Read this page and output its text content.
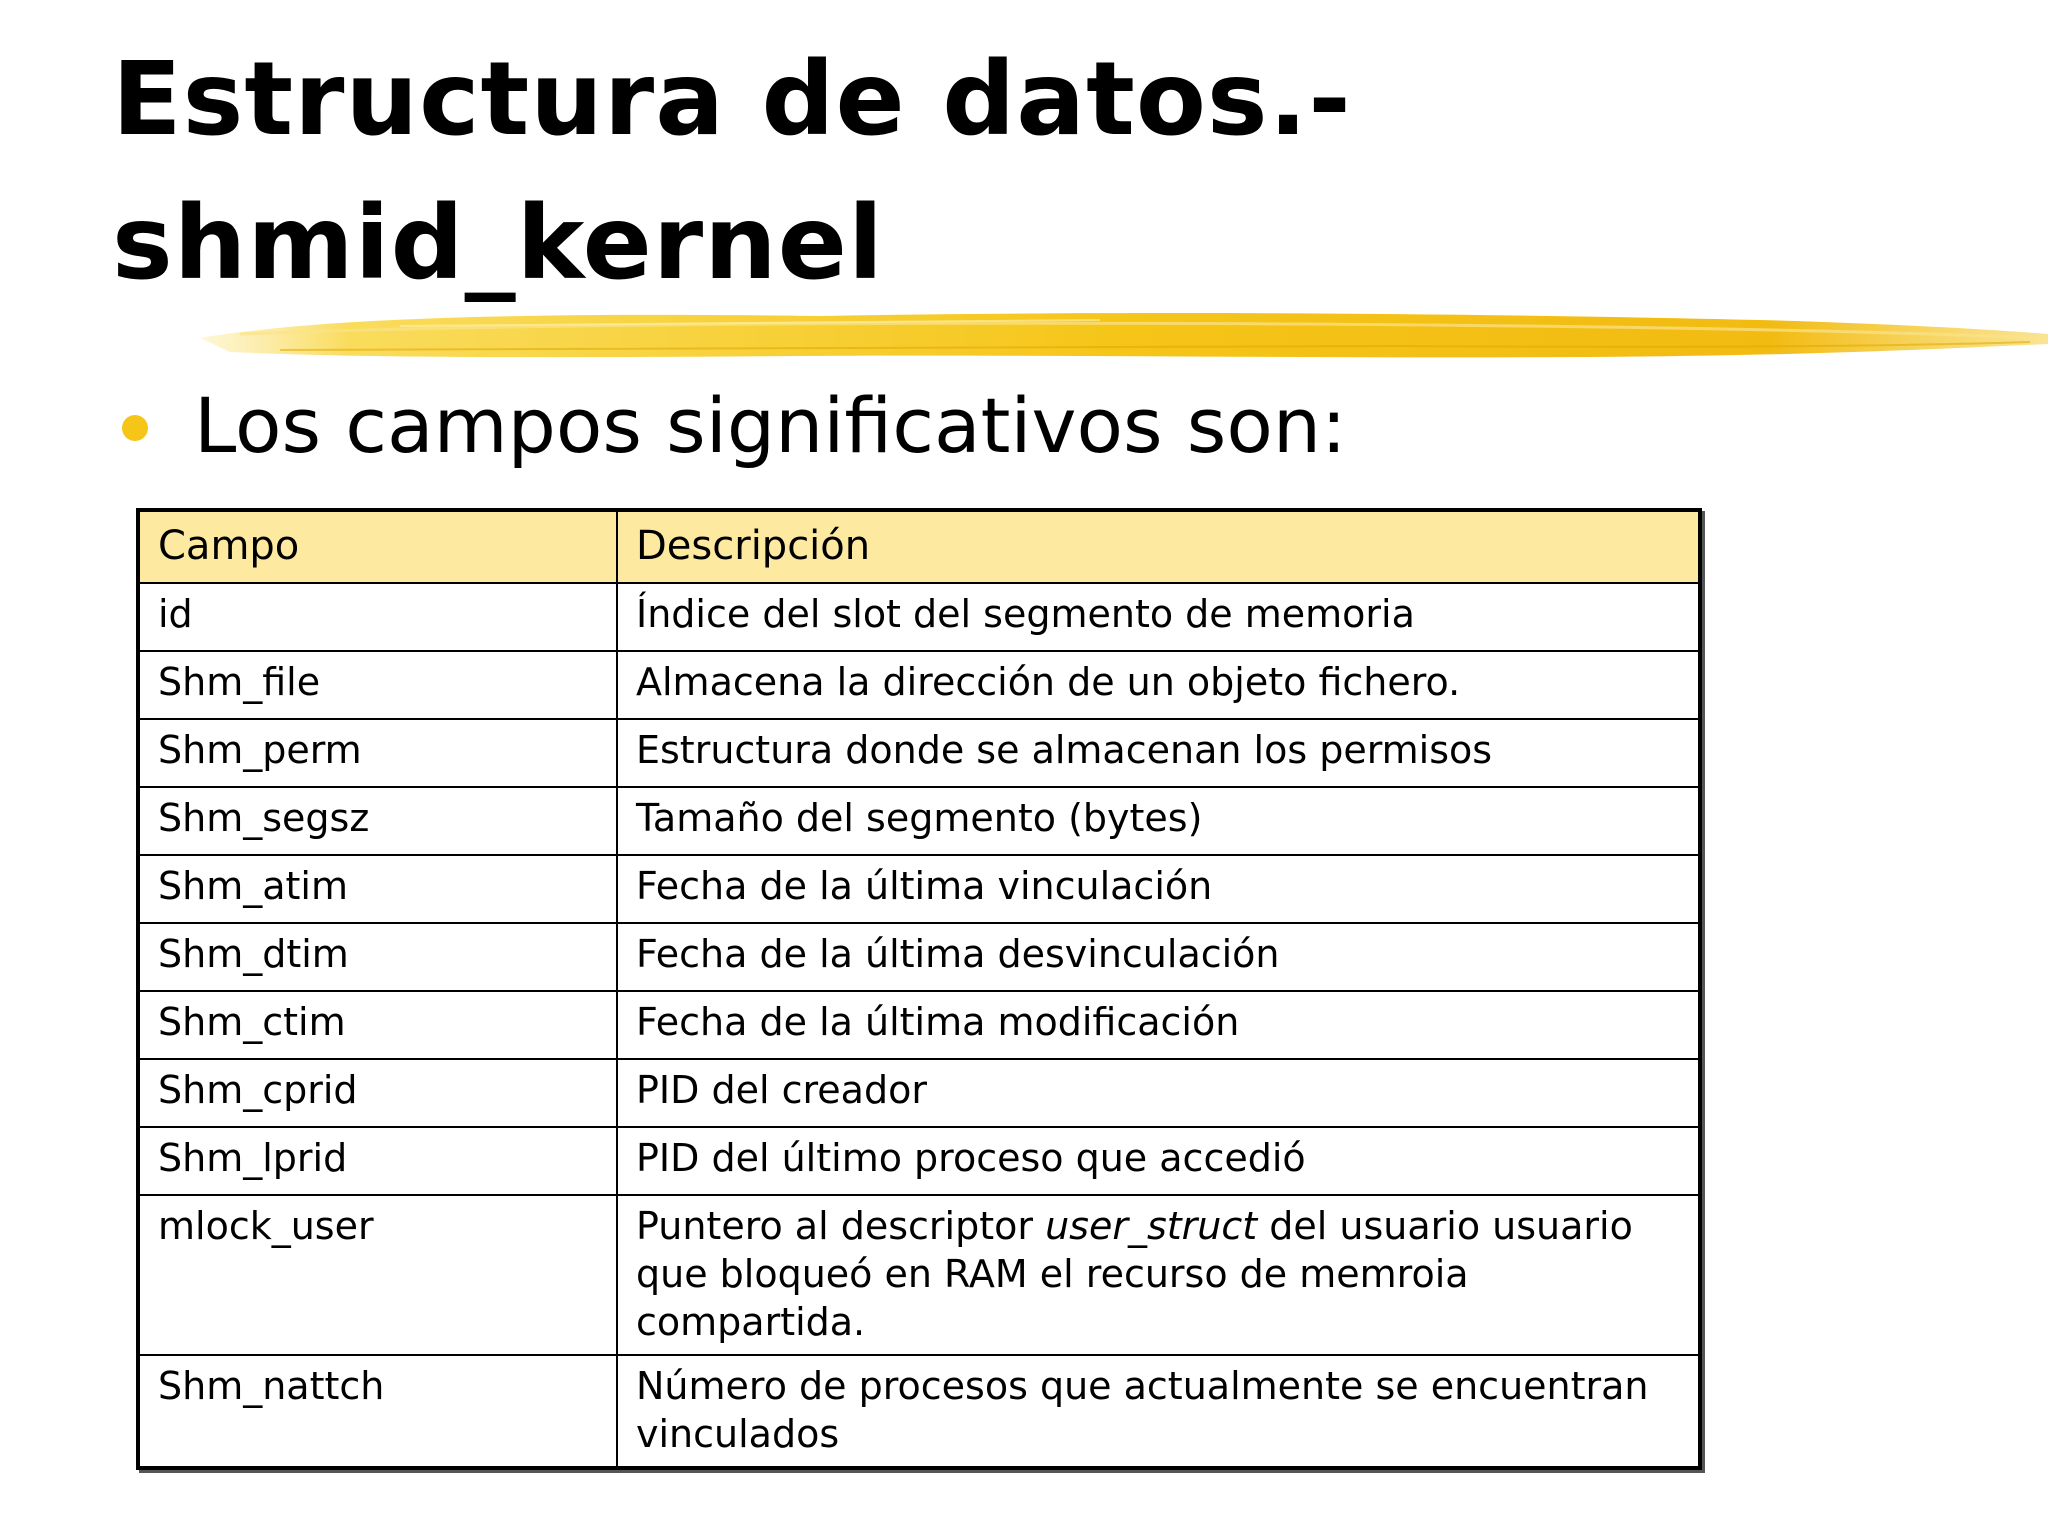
Estructura de datos.-
shmid_kernel
Los campos significativos son:
Campo	Descripción
id	Índice del slot del segmento de memoria
Shm_file	Almacena la dirección de un objeto fichero.
Shm_perm	Estructura donde se almacenan los permisos
Shm_segsz	Tamaño del segmento (bytes)
Shm_atim	Fecha de la última vinculación
Shm_dtim	Fecha de la última desvinculación
Shm_ctim	Fecha de la última modificación
Shm_cprid	PID del creador
Shm_lprid	PID del último proceso que accedió
mlock_user	Puntero al descriptor user_struct del usuario usuario que bloqueó en RAM el recurso de memroia compartida.
Shm_nattch	Número de procesos que actualmente se encuentran vinculados
